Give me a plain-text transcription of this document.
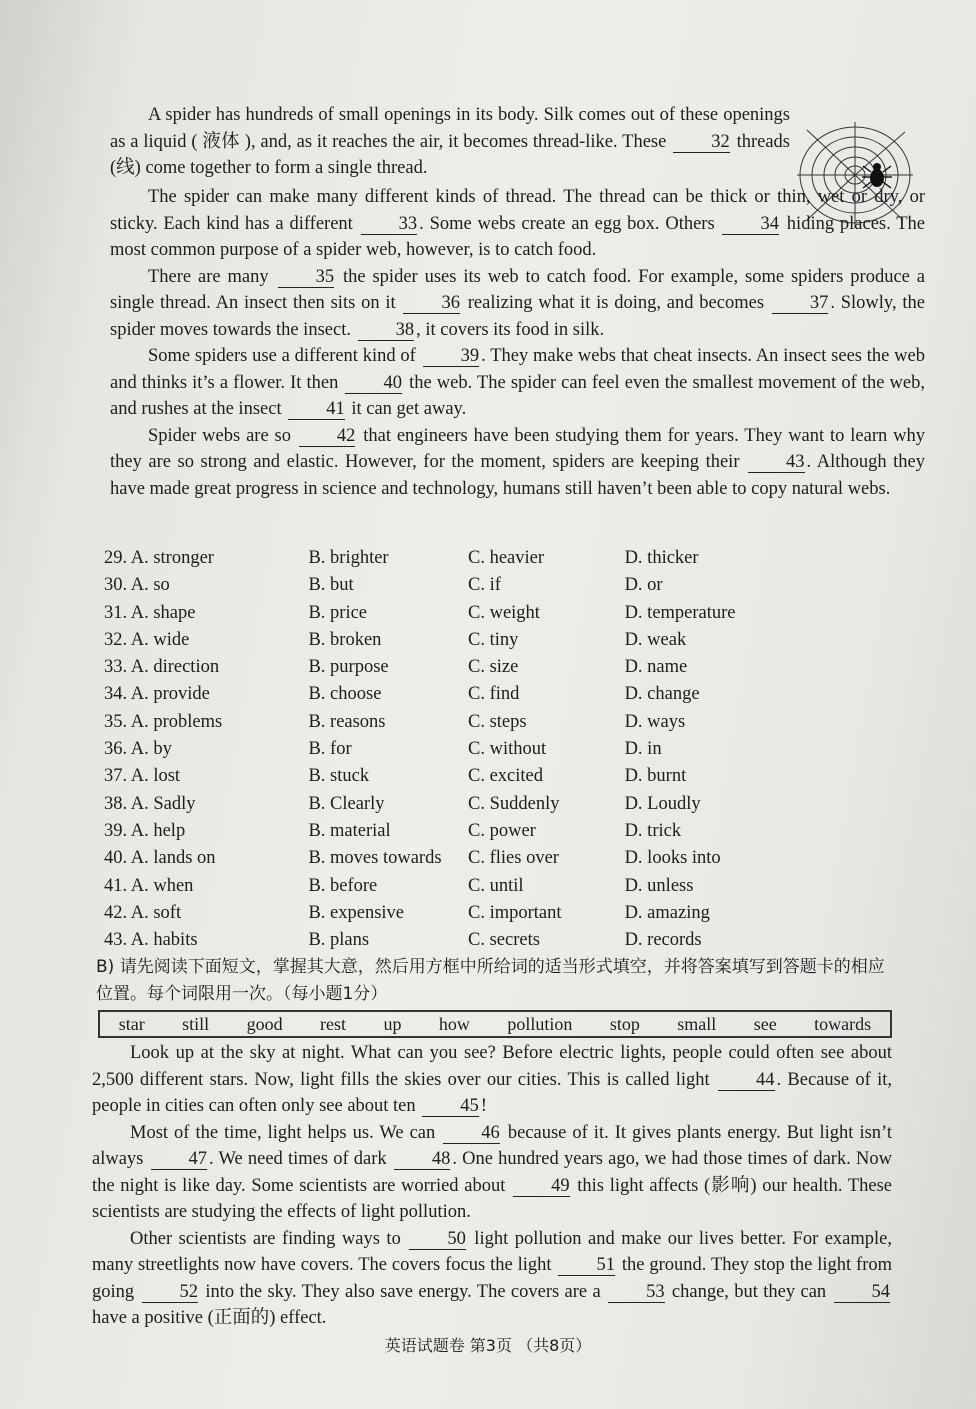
A spider has hundreds of small openings in its body. Silk comes out of these openings as a liquid ( 液体 ), and, as it reaches the air, it becomes thread-like. These 32 threads (线) come together to form a single thread.

The spider can make many different kinds of thread. The thread can be thick or thin, wet or dry, or sticky. Each kind has a different 33 . Some webs create an egg box. Others 34 hiding places. The most common purpose of a spider web, however, is to catch food.

There are many 35 the spider uses its web to catch food. For example, some spiders produce a single thread. An insect then sits on it 36 realizing what it is doing, and becomes 37 . Slowly, the spider moves towards the insect. 38 , it covers its food in silk.

Some spiders use a different kind of 39 . They make webs that cheat insects. An insect sees the web and thinks it’s a flower. It then 40 the web. The spider can feel even the smallest movement of the web, and rushes at the insect 41 it can get away.

Spider webs are so 42 that engineers have been studying them for years. They want to learn why they are so strong and elastic. However, for the moment, spiders are keeping their 43 . Although they have made great progress in science and technology, humans still haven’t been able to copy natural webs.

29. A. stronger	B. brighter	C. heavier	D. thicker
30. A. so	B. but	C. if	D. or
31. A. shape	B. price	C. weight	D. temperature
32. A. wide	B. broken	C. tiny	D. weak
33. A. direction	B. purpose	C. size	D. name
34. A. provide	B. choose	C. find	D. change
35. A. problems	B. reasons	C. steps	D. ways
36. A. by	B. for	C. without	D. in
37. A. lost	B. stuck	C. excited	D. burnt
38. A. Sadly	B. Clearly	C. Suddenly	D. Loudly
39. A. help	B. material	C. power	D. trick
40. A. lands on	B. moves towards	C. flies over	D. looks into
41. A. when	B. before	C. until	D. unless
42. A. soft	B. expensive	C. important	D. amazing
43. A. habits	B. plans	C. secrets	D. records
B) 请先阅读下面短文，掌握其大意，然后用方框中所给词的适当形式填空，并将答案填写到答题卡的相应位置。每个词限用一次。（每小题1分）
star still good rest up how pollution stop small see towards

Look up at the sky at night. What can you see? Before electric lights, people could often see about 2,500 different stars. Now, light fills the skies over our cities. This is called light 44 . Because of it, people in cities can often only see about ten 45 !

Most of the time, light helps us. We can 46 because of it. It gives plants energy. But light isn’t always 47 . We need times of dark 48 . One hundred years ago, we had those times of dark. Now the night is like day. Some scientists are worried about 49 this light affects (影响) our health. These scientists are studying the effects of light pollution.

Other scientists are finding ways to 50 light pollution and make our lives better. For example, many streetlights now have covers. The covers focus the light 51 the ground. They stop the light from going 52 into the sky. They also save energy. The covers are a 53 change, but they can 54 have a positive (正面的) effect.

英语试题卷 第3页 （共8页）
